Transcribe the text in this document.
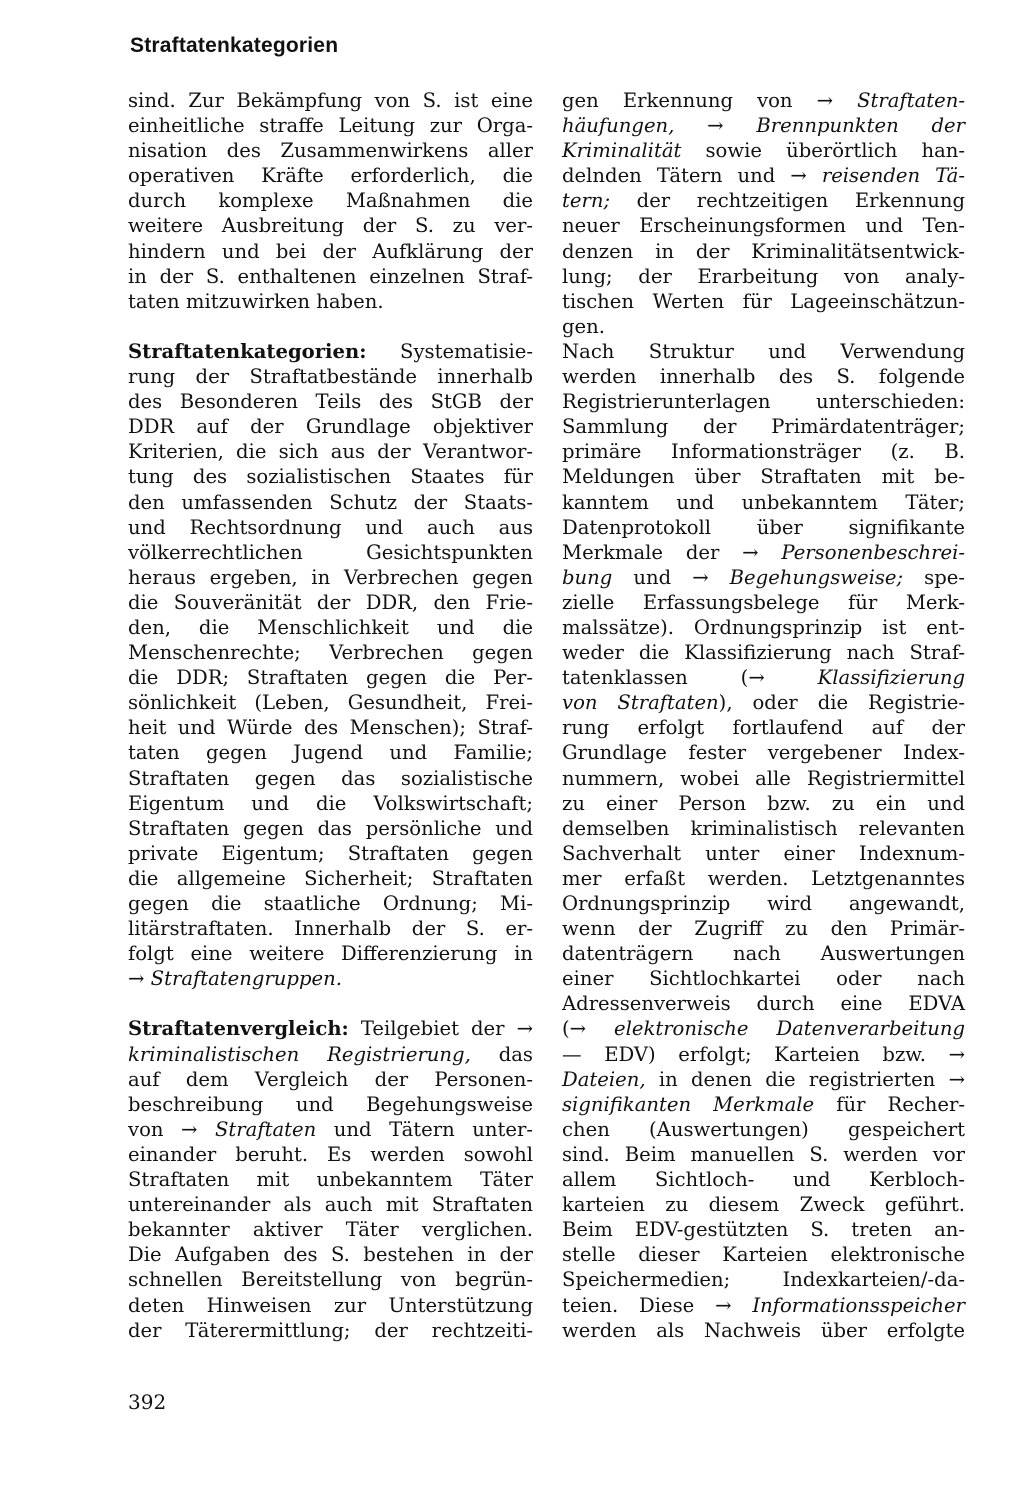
Straftatenkategorien
sind. Zur Bekämpfung von S. ist eine
einheitliche straffe Leitung zur Orga-
nisation des Zusammenwirkens aller
operativen Kräfte erforderlich, die
durch komplexe Maßnahmen die
weitere Ausbreitung der S. zu ver-
hindern und bei der Aufklärung der
in der S. enthaltenen einzelnen Straf-
taten mitzuwirken haben.
Straftatenkategorien: Systematisie-
rung der Straftatbestände innerhalb
des Besonderen Teils des StGB der
DDR auf der Grundlage objektiver
Kriterien, die sich aus der Verantwor-
tung des sozialistischen Staates für
den umfassenden Schutz der Staats-
und Rechtsordnung und auch aus
völkerrechtlichen Gesichtspunkten
heraus ergeben, in Verbrechen gegen
die Souveränität der DDR, den Frie-
den, die Menschlichkeit und die
Menschenrechte; Verbrechen gegen
die DDR; Straftaten gegen die Per-
sönlichkeit (Leben, Gesundheit, Frei-
heit und Würde des Menschen); Straf-
taten gegen Jugend und Familie;
Straftaten gegen das sozialistische
Eigentum und die Volkswirtschaft;
Straftaten gegen das persönliche und
private Eigentum; Straftaten gegen
die allgemeine Sicherheit; Straftaten
gegen die staatliche Ordnung; Mi-
litärstraftaten. Innerhalb der S. er-
folgt eine weitere Differenzierung in
→ Straftatengruppen.
Straftatenvergleich: Teilgebiet der →
kriminalistischen Registrierung, das
auf dem Vergleich der Personen-
beschreibung und Begehungsweise
von → Straftaten und Tätern unter-
einander beruht. Es werden sowohl
Straftaten mit unbekanntem Täter
untereinander als auch mit Straftaten
bekannter aktiver Täter verglichen.
Die Aufgaben des S. bestehen in der
schnellen Bereitstellung von begrün-
deten Hinweisen zur Unterstützung
der Täterermittlung; der rechtzeiti-
gen Erkennung von → Straftaten-
häufungen, → Brennpunkten der
Kriminalität sowie überörtlich han-
delnden Tätern und → reisenden Tä-
tern; der rechtzeitigen Erkennung
neuer Erscheinungsformen und Ten-
denzen in der Kriminalitätsentwick-
lung; der Erarbeitung von analy-
tischen Werten für Lageeinschätzun-
gen.
Nach Struktur und Verwendung
werden innerhalb des S. folgende
Registrierunterlagen unterschieden:
Sammlung der Primärdatenträger;
primäre Informationsträger (z. B.
Meldungen über Straftaten mit be-
kanntem und unbekanntem Täter;
Datenprotokoll über signifikante
Merkmale der → Personenbeschrei-
bung und → Begehungsweise; spe-
zielle Erfassungsbelege für Merk-
malssätze). Ordnungsprinzip ist ent-
weder die Klassifizierung nach Straf-
tatenklassen (→ Klassifizierung
von Straftaten), oder die Registrie-
rung erfolgt fortlaufend auf der
Grundlage fester vergebener Index-
nummern, wobei alle Registriermittel
zu einer Person bzw. zu ein und
demselben kriminalistisch relevanten
Sachverhalt unter einer Indexnum-
mer erfaßt werden. Letztgenanntes
Ordnungsprinzip wird angewandt,
wenn der Zugriff zu den Primär-
datenträgern nach Auswertungen
einer Sichtlochkartei oder nach
Adressenverweis durch eine EDVA
(→ elektronische Datenverarbeitung
— EDV) erfolgt; Karteien bzw. →
Dateien, in denen die registrierten →
signifikanten Merkmale für Recher-
chen (Auswertungen) gespeichert
sind. Beim manuellen S. werden vor
allem Sichtloch- und Kerbloch-
karteien zu diesem Zweck geführt.
Beim EDV-gestützten S. treten an-
stelle dieser Karteien elektronische
Speichermedien; Indexkarteien/-da-
teien. Diese → Informationsspeicher
werden als Nachweis über erfolgte
392
